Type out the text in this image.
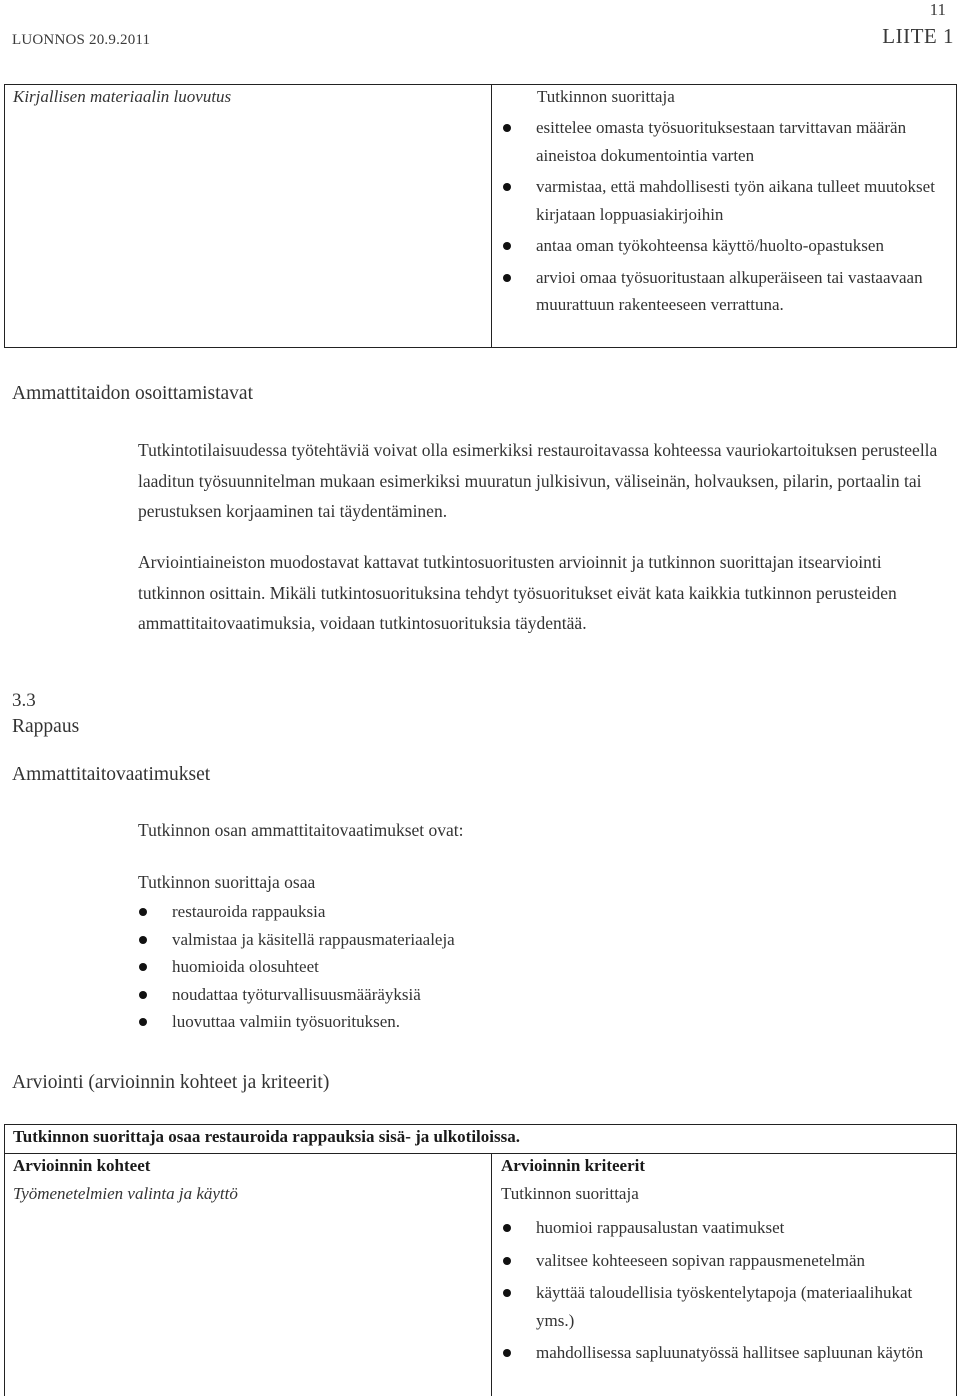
LUONNOS 20.9.2011
11
LIITE 1
Kirjallisen materiaalin luovutus	Tutkinnon suorittaja
esittelee omasta työsuorituksestaan tarvittavan määrän aineistoa dokumentointia varten
varmistaa, että mahdollisesti työn aikana tulleet muutokset kirjataan loppuasiakirjoihin
antaa oman työkohteensa käyttö/huolto-opastuksen
arvioi omaa työsuoritustaan alkuperäiseen tai vastaavaan muurattuun rakenteeseen verrattuna.
Ammattitaidon osoittamistavat
Tutkintotilaisuudessa työtehtäviä voivat olla esimerkiksi restauroitavassa kohteessa vauriokartoituksen perusteella laaditun työsuunnitelman mukaan esimerkiksi muuratun julkisivun, väliseinän, holvauksen, pilarin, portaalin tai perustuksen korjaaminen tai täydentäminen.
Arviointiaineiston muodostavat kattavat tutkintosuoritusten arvioinnit ja tutkinnon suorittajan itsearviointi tutkinnon osittain. Mikäli tutkintosuorituksina tehdyt työsuoritukset eivät kata kaikkia tutkinnon perusteiden ammattitaitovaatimuksia, voidaan tutkintosuorituksia täydentää.
3.3
Rappaus
Ammattitaitovaatimukset
Tutkinnon osan ammattitaitovaatimukset ovat:
Tutkinnon suorittaja osaa
restauroida rappauksia
valmistaa ja käsitellä rappausmateriaaleja
huomioida olosuhteet
noudattaa työturvallisuusmääräyksiä
luovuttaa valmiin työsuorituksen.
Arviointi (arvioinnin kohteet ja kriteerit)
Tutkinnon suorittaja osaa restauroida rappauksia sisä- ja ulkotiloissa.
Arvioinnin kohteet	Arvioinnin kriteerit
Työmenetelmien valinta ja käyttö	Tutkinnon suorittaja
huomioi rappausalustan vaatimukset
valitsee kohteeseen sopivan rappausmenetelmän
käyttää taloudellisia työskentelytapoja (materiaalihukat yms.)
mahdollisessa sapluunatyössä hallitsee sapluunan käytön
